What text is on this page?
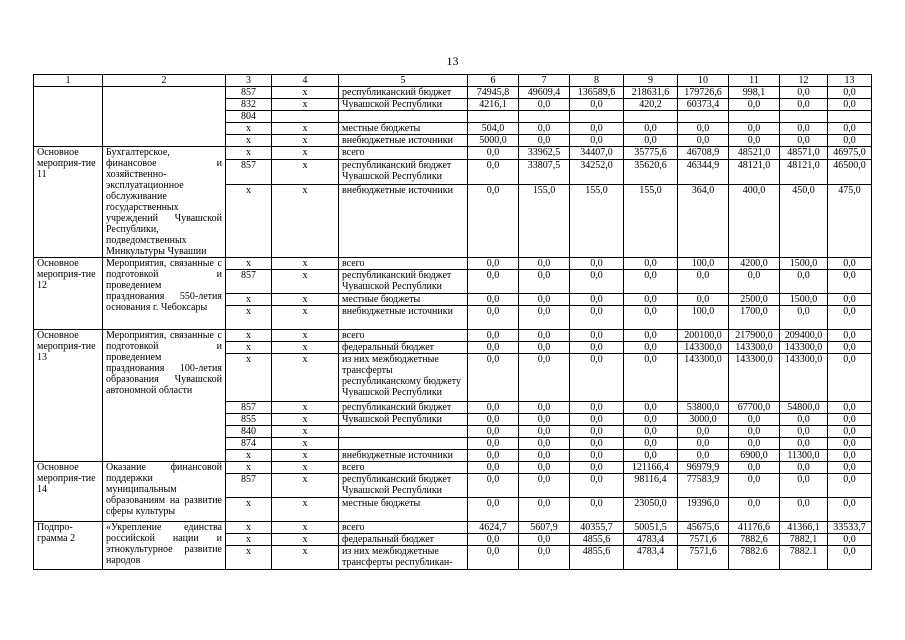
13
1	2	3	4	5	6	7	8	9	10	11	12	13
		857	x	республиканский бюджет	74945,8	49609,4	136589,6	218631,6	179726,6	998,1	0,0	0,0
		832	x	Чувашской Республики	4216,1	0,0	0,0	420,2	60373,4	0,0	0,0	0,0
		804										
		x	x	местные бюджеты	504,0	0,0	0,0	0,0	0,0	0,0	0,0	0,0
		x	x	внебюджетные источники	5000,0	0,0	0,0	0,0	0,0	0,0	0,0	0,0
Основное мероприя-тие 11	Бухгалтерское, финансовое и хозяйственно-эксплуатационное обслуживание государственных учреждений Чувашской Республики, подведомственных Минкультуры Чувашии	x	x	всего	0,0	33962,5	34407,0	35775,6	46708,9	48521,0	48571,0	46975,0
		857	x	республиканский бюджет Чувашской Республики	0,0	33807,5	34252,0	35620,6	46344,9	48121,0	48121,0	46500,0
		x	x	внебюджетные источники	0,0	155,0	155,0	155,0	364,0	400,0	450,0	475,0
Основное мероприя-тие 12	Мероприятия, связанные с подготовкой и проведением празднования 550-летия основания г. Чебоксары	x	x	всего	0,0	0,0	0,0	0,0	100,0	4200,0	1500,0	0,0
		857	x	республиканский бюджет Чувашской Республики	0,0	0,0	0,0	0,0	0,0	0,0	0,0	0,0
		x	x	местные бюджеты	0,0	0,0	0,0	0,0	0,0	2500,0	1500,0	0,0
		x	x	внебюджетные источники	0,0	0,0	0,0	0,0	100,0	1700,0	0,0	0,0
Основное мероприя-тие 13	Мероприятия, связанные с подготовкой и проведением празднования 100-летия образования Чувашской автономной области	x	x	всего	0,0	0,0	0,0	0,0	200100,0	217900,0	209400,0	0,0
		x	x	федеральный бюджет	0,0	0,0	0,0	0,0	143300,0	143300,0	143300,0	0,0
		x	x	из них межбюджетные трансферты республиканскому бюджету Чувашской Республики	0,0	0,0	0,0	0,0	143300,0	143300,0	143300,0	0,0
		857	x	республиканский бюджет	0,0	0,0	0,0	0,0	53800,0	67700,0	54800,0	0,0
		855	x	Чувашской Республики	0,0	0,0	0,0	0,0	3000,0	0,0	0,0	0,0
		840	x		0,0	0,0	0,0	0,0	0,0	0,0	0,0	0,0
		874	x		0,0	0,0	0,0	0,0	0,0	0,0	0,0	0,0
		x	x	внебюджетные источники	0,0	0,0	0,0	0,0	0,0	6900,0	11300,0	0,0
Основное мероприя-тие 14	Оказание финансовой поддержки муниципальным образованиям на развитие сферы культуры	x	x	всего	0,0	0,0	0,0	121166,4	96979,9	0,0	0,0	0,0
		857	x	республиканский бюджет Чувашской Республики	0,0	0,0	0,0	98116,4	77583,9	0,0	0,0	0,0
		x	x	местные бюджеты	0,0	0,0	0,0	23050,0	19396,0	0,0	0,0	0,0
Подпро-грамма 2	«Укрепление единства российской нации и этнокультурное развитие народов	x	x	всего	4624,7	5607,9	40355,7	50051,5	45675,6	41176,6	41366,1	33533,7
		x	x	федеральный бюджет	0,0	0,0	4855,6	4783,4	7571,6	7882,6	7882,1	0,0
		x	x	из них межбюджетные трансферты республикан-	0,0	0,0	4855,6	4783,4	7571,6	7882.6	7882.1	0,0
